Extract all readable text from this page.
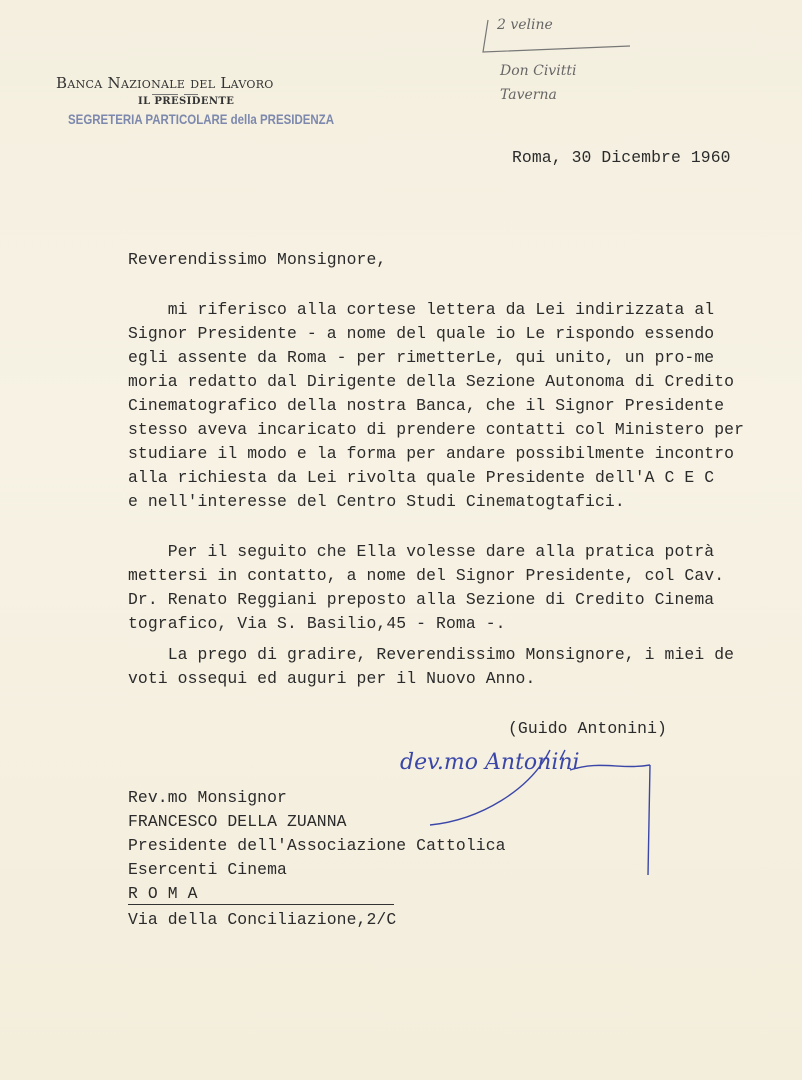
Banca Nazionale del Lavoro
IL PRESIDENTE
SEGRETERIA PARTICOLARE della PRESIDENZA
2 veline
Don Civitti
Taverna
Roma, 30 Dicembre 1960
Reverendissimo Monsignore,
mi riferisco alla cortese lettera da Lei indirizzata al
Signor Presidente - a nome del quale io Le rispondo essendo
egli assente da Roma - per rimetterLe, qui unito, un pro-me
moria redatto dal Dirigente della Sezione Autonoma di Credito
Cinematografico della nostra Banca, che il Signor Presidente
stesso aveva incaricato di prendere contatti col Ministero per
studiare il modo e la forma per andare possibilmente incontro
alla richiesta da Lei rivolta quale Presidente dell'A C E C
e nell'interesse del Centro Studi Cinematogtafici.
Per il seguito che Ella volesse dare alla pratica potrà
mettersi in contatto, a nome del Signor Presidente, col Cav.
Dr. Renato Reggiani preposto alla Sezione di Credito Cinema
tografico, Via S. Basilio,45 - Roma -.
La prego di gradire, Reverendissimo Monsignore, i miei de
voti ossequi ed auguri per il Nuovo Anno.
(Guido Antonini)
dev.mo Antonini
Rev.mo Monsignor
FRANCESCO DELLA ZUANNA
Presidente dell'Associazione Cattolica
Esercenti Cinema
R O M A
Via della Conciliazione,2/C
